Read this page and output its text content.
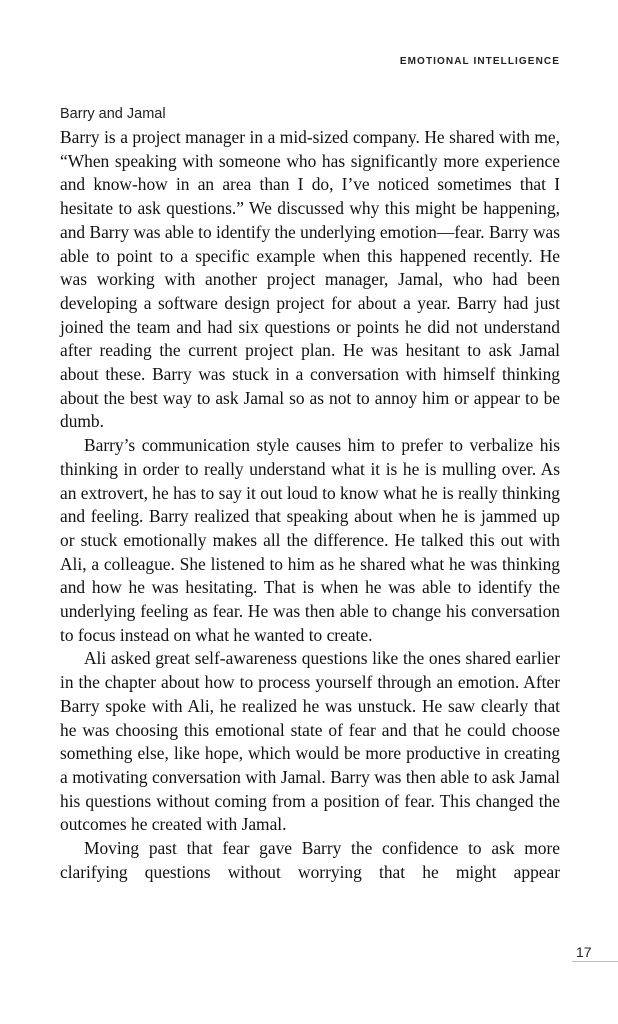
EMOTIONAL INTELLIGENCE
Barry and Jamal

Barry is a project manager in a mid-sized company. He shared with me, “When speaking with someone who has significantly more experience and know-how in an area than I do, I’ve noticed sometimes that I hesitate to ask questions.” We discussed why this might be happening, and Barry was able to identify the underlying emotion—fear. Barry was able to point to a specific example when this happened recently. He was working with another project manager, Jamal, who had been developing a software design project for about a year. Barry had just joined the team and had six questions or points he did not understand after reading the current project plan. He was hesitant to ask Jamal about these. Barry was stuck in a conversation with himself thinking about the best way to ask Jamal so as not to annoy him or appear to be dumb.

Barry’s communication style causes him to prefer to verbalize his thinking in order to really understand what it is he is mulling over. As an extrovert, he has to say it out loud to know what he is really thinking and feeling. Barry realized that speaking about when he is jammed up or stuck emotionally makes all the difference. He talked this out with Ali, a colleague. She listened to him as he shared what he was thinking and how he was hesitating. That is when he was able to identify the underlying feeling as fear. He was then able to change his conversation to focus instead on what he wanted to create.

Ali asked great self-awareness questions like the ones shared earlier in the chapter about how to process yourself through an emotion. After Barry spoke with Ali, he realized he was unstuck. He saw clearly that he was choosing this emotional state of fear and that he could choose something else, like hope, which would be more productive in creating a motivating conversation with Jamal. Barry was then able to ask Jamal his questions without coming from a position of fear. This changed the outcomes he created with Jamal.

Moving past that fear gave Barry the confidence to ask more clarifying questions without worrying that he might appear

17
